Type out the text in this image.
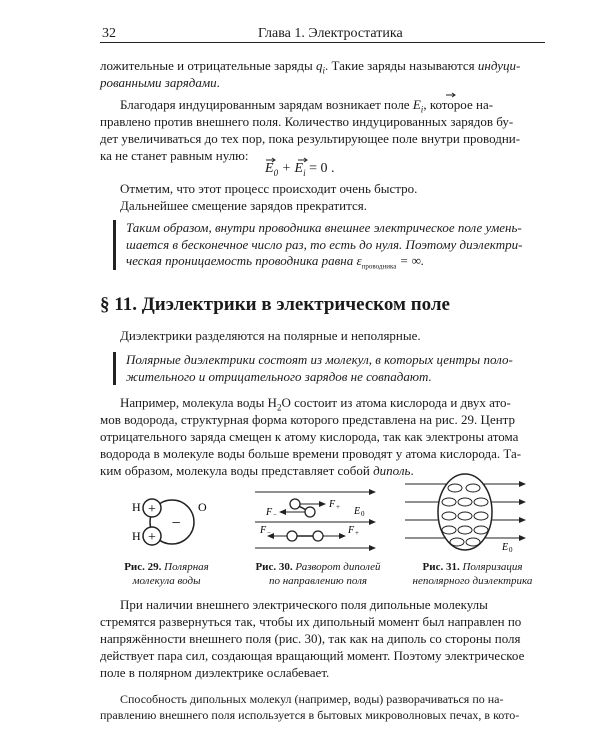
32	Глава 1. Электростатика
ложительные и отрицательные заряды $q_i$. Такие заряды называются индуци-
рованными зарядами.
Благодаря индуцированным зарядам возникает поле $E_i$, которое на-
правлено против внешнего поля. Количество индуцированных зарядов бу-
дет увеличиваться до тех пор, пока результирующее поле внутри проводни-
ка не станет равным нулю:
$E_0 + E_i = 0$ .
Отметим, что этот процесс происходит очень быстро.
Дальнейшее смещение зарядов прекратится.
Таким образом, внутри проводника внешнее электрическое поле умень-
шается в бесконечное число раз, то есть до нуля. Поэтому диэлектри-
ческая проницаемость проводника равна $\varepsilon_{проводника}$ = ∞.
§ 11. Диэлектрики в электрическом поле
Диэлектрики разделяются на полярные и неполярные.
Полярные диэлектрики состоят из молекул, в которых центры поло-
жительного и отрицательного зарядов не совпадают.
Например, молекула воды $H_2O$ состоит из атома кислорода и двух ато-
мов водорода, структурная форма которого представлена на рис. 29. Центр
отрицательного заряда смещен к атому кислорода, так как электроны атома
водорода в молекуле воды больше времени проводят у атома кислорода. Та-
ким образом, молекула воды представляет собой диполь.
+
+
−
H
H
O
Рис. 29. Полярная
молекула воды
F +
F −	E 0
F −	F +
Рис. 30. Разворот диполей
по направлению поля
E 0
Рис. 31. Поляризация
неполярного диэлектрика
При наличии внешнего электрического поля дипольные молекулы
стремятся развернуться так, чтобы их дипольный момент был направлен по
напряжённости внешнего поля (рис. 30), так как на диполь со стороны поля
действует пара сил, создающая вращающий момент. Поэтому электрическое
поле в полярном диэлектрике ослабевает.
Способность дипольных молекул (например, воды) разворачиваться по на-
правлению внешнего поля используется в бытовых микроволновых печах, в кото-
